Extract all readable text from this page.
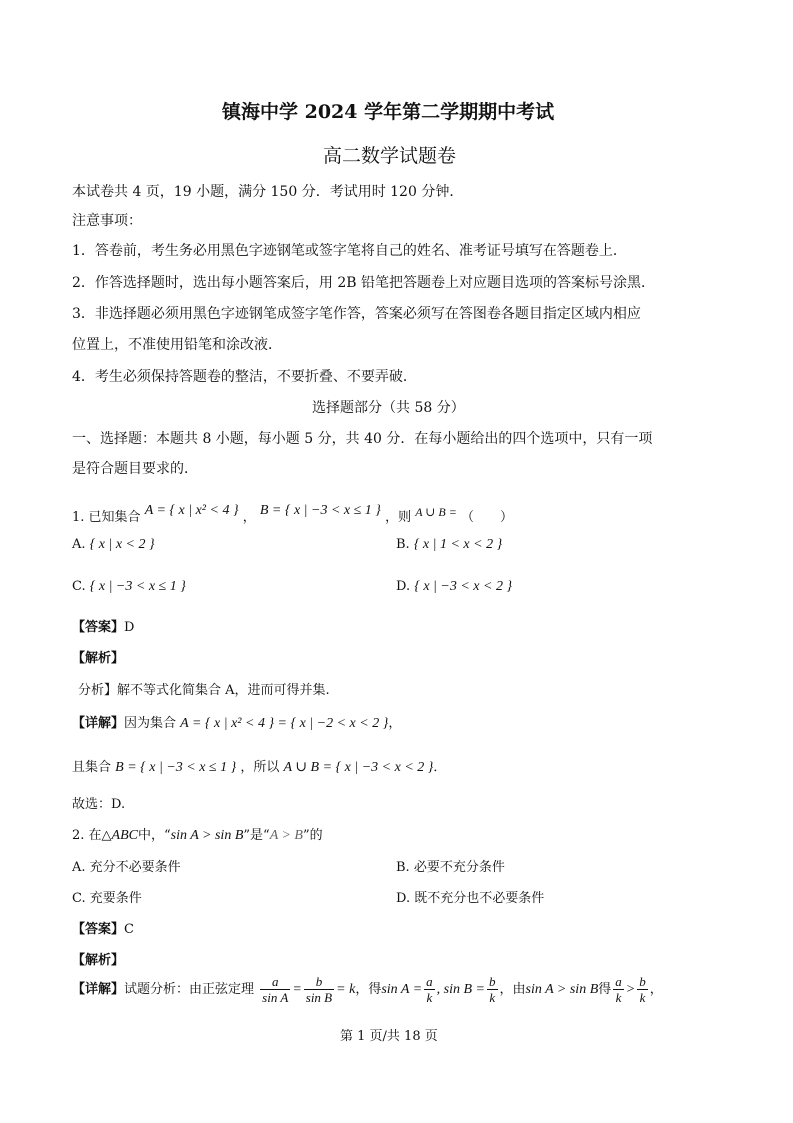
镇海中学 2024 学年第二学期期中考试
高二数学试题卷
本试卷共 4 页，19 小题，满分 150 分．考试用时 120 分钟．
注意事项：
1．答卷前，考生务必用黑色字迹钢笔或签字笔将自己的姓名、准考证号填写在答题卷上．
2．作答选择题时，选出每小题答案后，用 2B 铅笔把答题卷上对应题目选项的答案标号涂黑．
3．非选择题必须用黑色字迹钢笔成签字笔作答，答案必须写在答图卷各题目指定区域内相应
位置上，不准使用铅笔和涂改液．
4．考生必须保持答题卷的整洁，不要折叠、不要弄破．
选择题部分（共 58 分）
一、选择题：本题共 8 小题，每小题 5 分，共 40 分．在每小题给出的四个选项中，只有一项
是符合题目要求的．
1. 已知集合 A = { x | x² < 4 } ， B = { x | −3 < x ≤ 1 } ，则 A ∪ B = （　　）
A. { x | x < 2 }	B. { x | 1 < x < 2 }
C. { x | −3 < x ≤ 1 }	D. { x | −3 < x < 2 }
【答案】D
【解析】
分析】解不等式化简集合 A，进而可得并集.
【详解】因为集合 A = { x | x² < 4 } = { x | −2 < x < 2 }，
且集合 B = { x | −3 < x ≤ 1 } ，所以 A ∪ B = { x | −3 < x < 2 }．
故选：D.
2. 在△ABC中，“sin A > sin B”是“A > B”的
A. 充分不必要条件	B. 必要不充分条件
C. 充要条件	D. 既不充分也不必要条件
【答案】C
【解析】
【详解】试题分析：由正弦定理 $\frac{a}{\text{sin A}} = \frac{b}{\text{sin B}} = k$，得$\sin A = \frac{a}{k}$ , $\sin B = \frac{b}{k}$ ，由sin A > sin B得 $\frac{a}{k} > \frac{b}{k}$ ，
第 1 页/共 18 页
